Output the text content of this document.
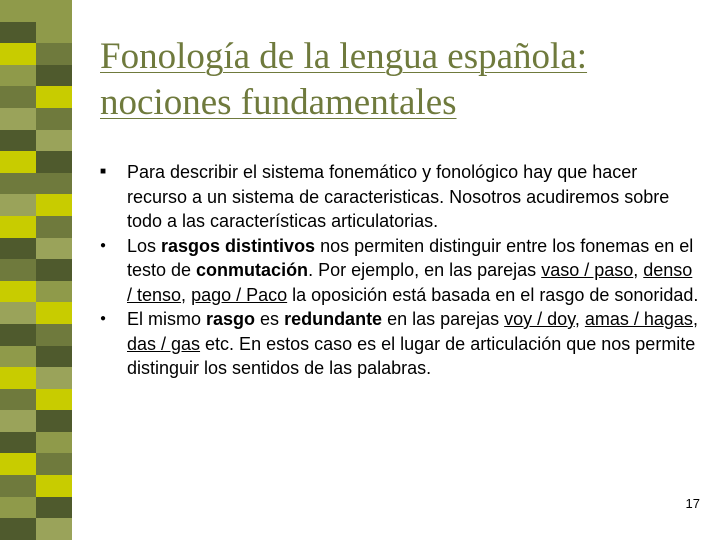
Fonología de la lengua española:
nociones fundamentales
■ Para describir el sistema fonemático y fonológico hay que hacer recurso a un sistema de caracteristicas. Nosotros acudiremos sobre todo a las características articulatorias.
● Los rasgos distintivos nos permiten distinguir entre los fonemas en el testo de conmutación. Por ejemplo, en las parejas vaso / paso, denso / tenso, pago / Paco la oposición está basada en el rasgo de sonoridad.
● El mismo rasgo es redundante en las parejas voy / doy, amas / hagas, das / gas etc. En estos caso es el lugar de articulación que nos permite distinguir los sentidos de las palabras.
17
